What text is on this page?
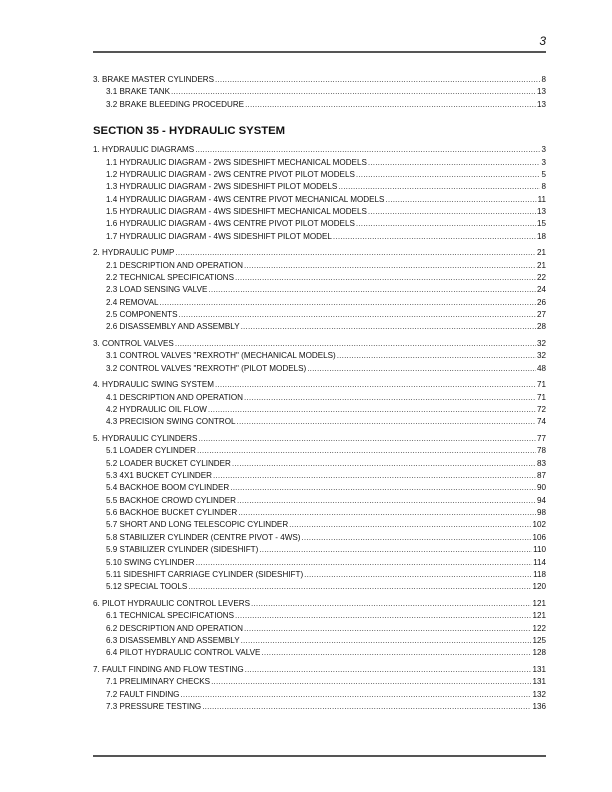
3
3. BRAKE MASTER CYLINDERS .....	8
3.1 BRAKE TANK .....	13
3.2 BRAKE BLEEDING PROCEDURE .....	13
SECTION 35 - HYDRAULIC SYSTEM
1. HYDRAULIC DIAGRAMS .....	3
1.1 HYDRAULIC DIAGRAM - 2WS SIDESHIFT MECHANICAL MODELS .....	3
1.2 HYDRAULIC DIAGRAM - 2WS CENTRE PIVOT PILOT MODELS .....	5
1.3 HYDRAULIC DIAGRAM - 2WS SIDESHIFT PILOT MODELS .....	8
1.4 HYDRAULIC DIAGRAM - 4WS CENTRE PIVOT MECHANICAL MODELS .....	11
1.5 HYDRAULIC DIAGRAM - 4WS SIDESHIFT MECHANICAL MODELS .....	13
1.6 HYDRAULIC DIAGRAM - 4WS CENTRE PIVOT PILOT MODELS .....	15
1.7 HYDRAULIC DIAGRAM - 4WS SIDESHIFT PILOT MODEL .....	18
2. HYDRAULIC PUMP .....	21
2.1 DESCRIPTION AND OPERATION .....	21
2.2 TECHNICAL SPECIFICATIONS .....	22
2.3 LOAD SENSING VALVE .....	24
2.4 REMOVAL .....	26
2.5 COMPONENTS .....	27
2.6 DISASSEMBLY AND ASSEMBLY .....	28
3. CONTROL VALVES .....	32
3.1 CONTROL VALVES "REXROTH" (MECHANICAL MODELS) .....	32
3.2 CONTROL VALVES "REXROTH" (PILOT MODELS) .....	48
4. HYDRAULIC SWING SYSTEM .....	71
4.1 DESCRIPTION AND OPERATION .....	71
4.2 HYDRAULIC OIL FLOW .....	72
4.3 PRECISION SWING CONTROL .....	74
5. HYDRAULIC CYLINDERS .....	77
5.1 LOADER CYLINDER .....	78
5.2 LOADER BUCKET CYLINDER .....	83
5.3 4X1 BUCKET CYLINDER .....	87
5.4 BACKHOE BOOM CYLINDER .....	90
5.5 BACKHOE CROWD CYLINDER .....	94
5.6 BACKHOE BUCKET CYLINDER .....	98
5.7 SHORT AND LONG TELESCOPIC CYLINDER .....	102
5.8 STABILIZER CYLINDER (CENTRE PIVOT - 4WS) .....	106
5.9 STABILIZER CYLINDER (SIDESHIFT) .....	110
5.10 SWING CYLINDER .....	114
5.11 SIDESHIFT CARRIAGE CYLINDER (SIDESHIFT) .....	118
5.12 SPECIAL TOOLS .....	120
6. PILOT HYDRAULIC CONTROL LEVERS .....	121
6.1 TECHNICAL SPECIFICATIONS .....	121
6.2 DESCRIPTION AND OPERATION .....	122
6.3 DISASSEMBLY AND ASSEMBLY .....	125
6.4 PILOT HYDRAULIC CONTROL VALVE .....	128
7. FAULT FINDING AND FLOW TESTING .....	131
7.1 PRELIMINARY CHECKS .....	131
7.2 FAULT FINDING .....	132
7.3 PRESSURE TESTING .....	136
